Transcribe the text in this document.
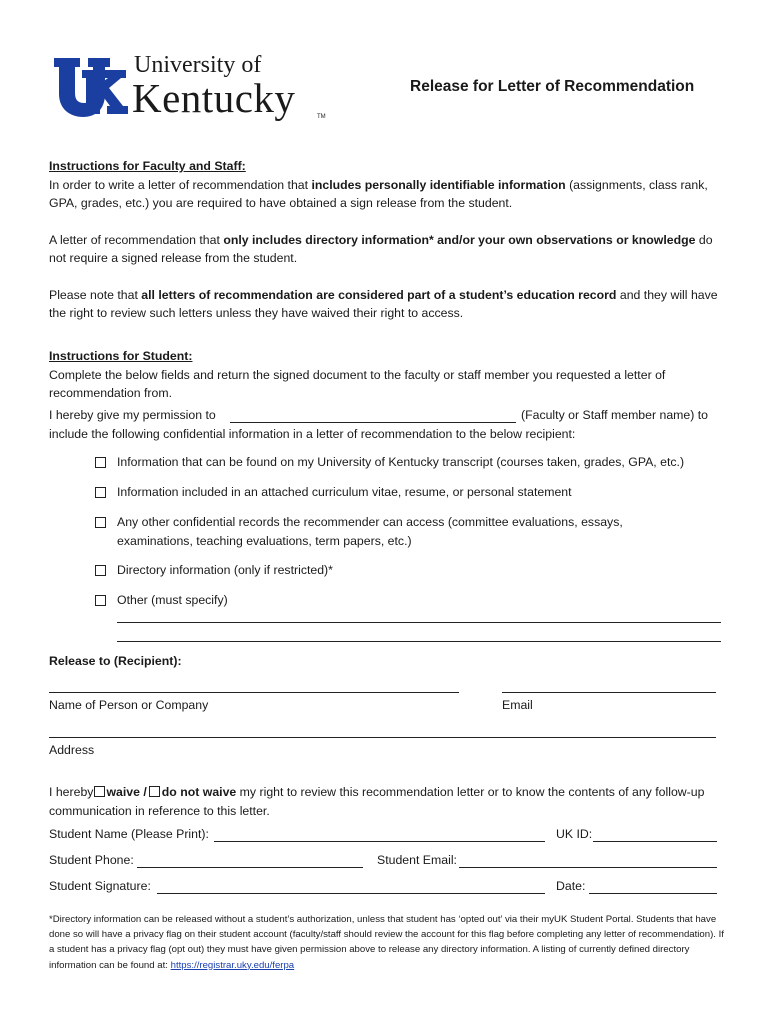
University of
Kentucky	TM
Release for Letter of Recommendation

Instructions for Faculty and Staff:

In order to write a letter of recommendation that includes personally identifiable information (assignments, class rank, GPA, grades, etc.) you are required to have obtained a sign release from the student.

A letter of recommendation that only includes directory information* and/or your own observations or knowledge do not require a signed release from the student.

Please note that all letters of recommendation are considered part of a student’s education record and they will have the right to review such letters unless they have waived their right to access.

Instructions for Student:

Complete the below fields and return the signed document to the faculty or staff member you requested a letter of recommendation from.

I hereby give my permission to	(Faculty or Staff member name) to
include the following confidential information in a letter of recommendation to the below recipient:
Information that can be found on my University of Kentucky transcript (courses taken, grades, GPA, etc.)
Information included in an attached curriculum vitae, resume, or personal statement
Any other confidential records the recommender can access (committee evaluations, essays, examinations, teaching evaluations, term papers, etc.)
Directory information (only if restricted)*
Other (must specify)
Release to (Recipient):
Name of Person or Company	Email
Address

I hereby waive / do not waive my right to review this recommendation letter or to know the contents of any follow-up communication in reference to this letter.

Student Name (Please Print):	UK ID:
Student Phone:	Student Email:
Student Signature:	Date:
*Directory information can be released without a student’s authorization, unless that student has ‘opted out’ via their myUK Student Portal. Students that have done so will have a privacy flag on their student account (faculty/staff should review the account for this flag before completing any letter of recommendation). If a student has a privacy flag (opt out) they must have given permission above to release any directory information. A listing of currently defined directory information can be found at: https://registrar.uky.edu/ferpa
